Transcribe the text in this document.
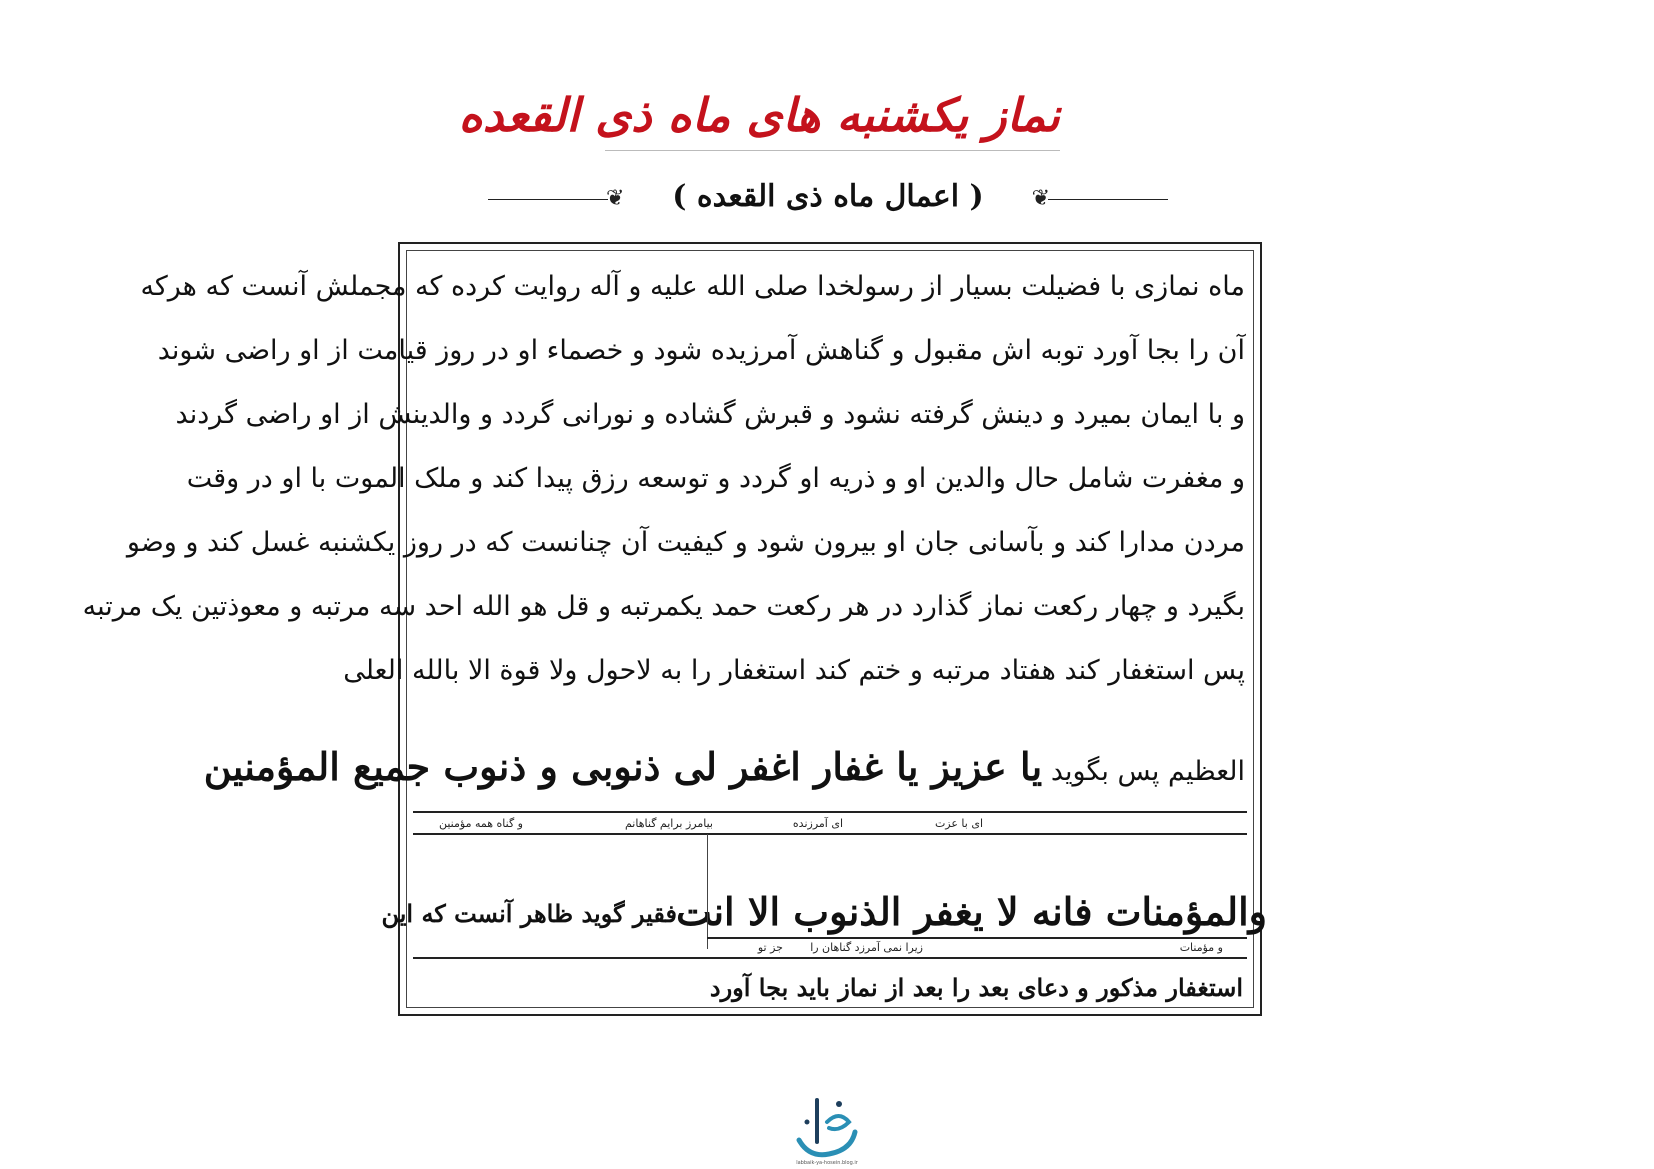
نماز یکشنبه های ماه ذی القعده
❦	( اعمال ماه ذی القعده )	❦
ماه نمازی با فضیلت بسیار از رسولخدا صلی الله علیه و آله روایت کرده که مجملش آنست که هرکه
آن را بجا آورد توبه اش مقبول و گناهش آمرزیده شود و خصماء او در روز قیامت از او راضی شوند
و با ایمان بمیرد و دینش گرفته نشود و قبرش گشاده و نورانی گردد و والدینش از او راضی گردند
و مغفرت شامل حال والدین او و ذریه او گردد و توسعه رزق پیدا کند و ملک الموت با او در وقت
مردن مدارا کند و بآسانی جان او بیرون شود و کیفیت آن چنانست که در روز یکشنبه غسل کند و وضو
بگیرد و چهار رکعت نماز گذارد در هر رکعت حمد یکمرتبه و قل هو الله احد سه مرتبه و معوذتین یک مرتبه
پس استغفار کند هفتاد مرتبه و ختم کند استغفار را به لاحول ولا قوة الا بالله العلی
العظیم پس بگوید یا عزیز یا غفار اغفر لی ذنوبی و ذنوب جمیع المؤمنین
ای با عزت
ای آمرزنده
بیامرز برایم گناهانم
و گناه همه مؤمنین
والمؤمنات فانه لا یغفر الذنوب الا انت
فقیر گوید ظاهر آنست که این
و مؤمنات
زیرا نمی آمرزد گناهان را
جز تو
استغفار مذکور و دعای بعد را بعد از نماز باید بجا آورد
labbaik-ya-hosein.blog.ir
